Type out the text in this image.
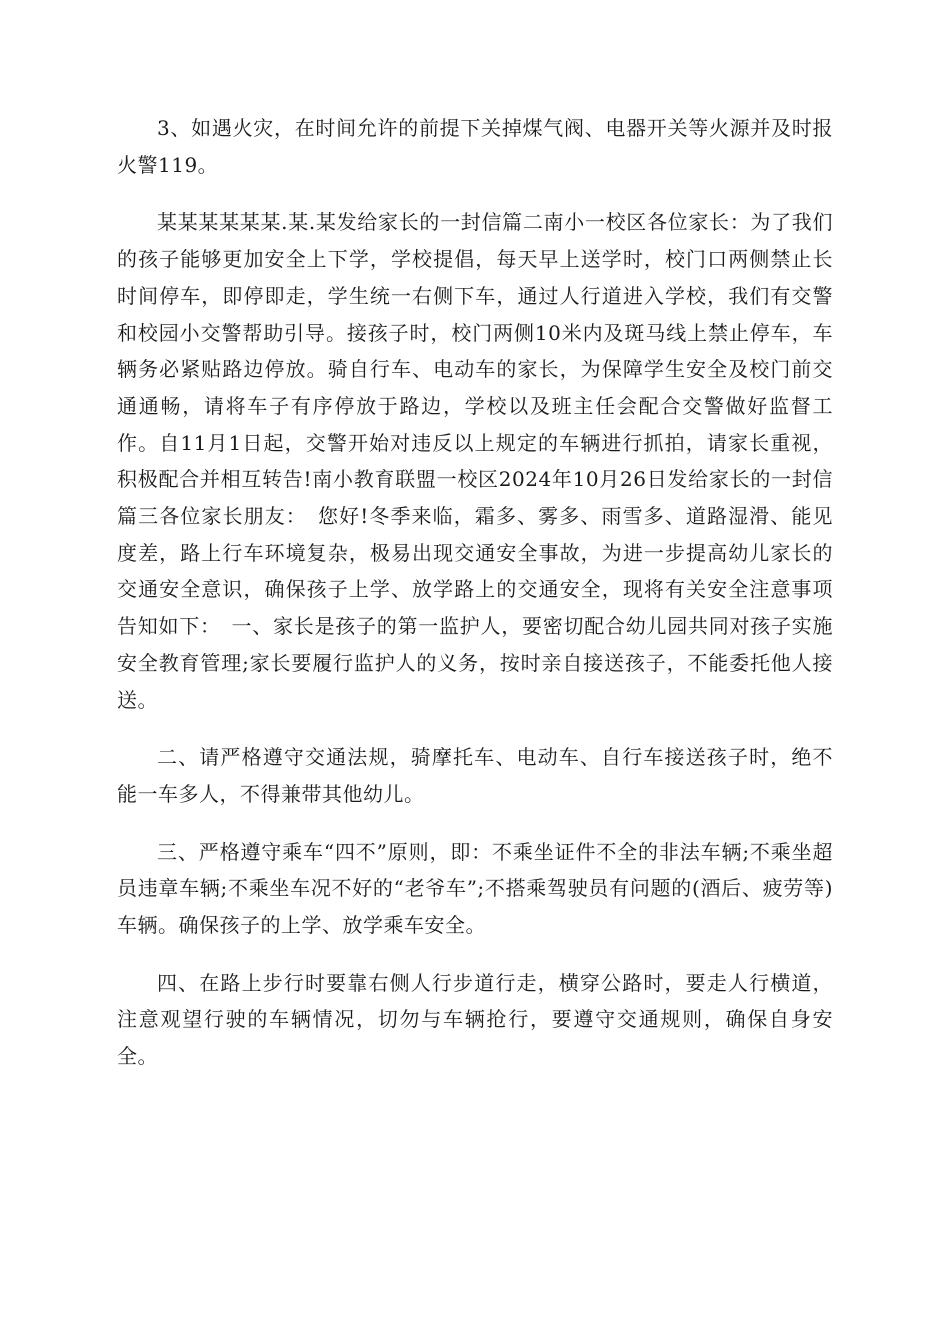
3、如遇火灾，在时间允许的前提下关掉煤气阀、电器开关等火源并及时报火警119。

某某某某某某.某.某发给家长的一封信篇二南小一校区各位家长：为了我们的孩子能够更加安全上下学，学校提倡，每天早上送学时，校门口两侧禁止长时间停车，即停即走，学生统一右侧下车，通过人行道进入学校，我们有交警和校园小交警帮助引导。接孩子时，校门两侧10米内及斑马线上禁止停车，车辆务必紧贴路边停放。骑自行车、电动车的家长，为保障学生安全及校门前交通通畅，请将车子有序停放于路边，学校以及班主任会配合交警做好监督工作。自11月1日起，交警开始对违反以上规定的车辆进行抓拍，请家长重视，积极配合并相互转告!南小教育联盟一校区2024年10月26日发给家长的一封信篇三各位家长朋友：　您好!冬季来临，霜多、雾多、雨雪多、道路湿滑、能见度差，路上行车环境复杂，极易出现交通安全事故，为进一步提高幼儿家长的交通安全意识，确保孩子上学、放学路上的交通安全，现将有关安全注意事项告知如下：　一、家长是孩子的第一监护人，要密切配合幼儿园共同对孩子实施安全教育管理;家长要履行监护人的义务，按时亲自接送孩子，不能委托他人接送。

二、请严格遵守交通法规，骑摩托车、电动车、自行车接送孩子时，绝不能一车多人，不得兼带其他幼儿。

三、严格遵守乘车“四不”原则，即：不乘坐证件不全的非法车辆;不乘坐超员违章车辆;不乘坐车况不好的“老爷车”;不搭乘驾驶员有问题的(酒后、疲劳等)车辆。确保孩子的上学、放学乘车安全。

四、在路上步行时要靠右侧人行步道行走，横穿公路时，要走人行横道，注意观望行驶的车辆情况，切勿与车辆抢行，要遵守交通规则，确保自身安全。
